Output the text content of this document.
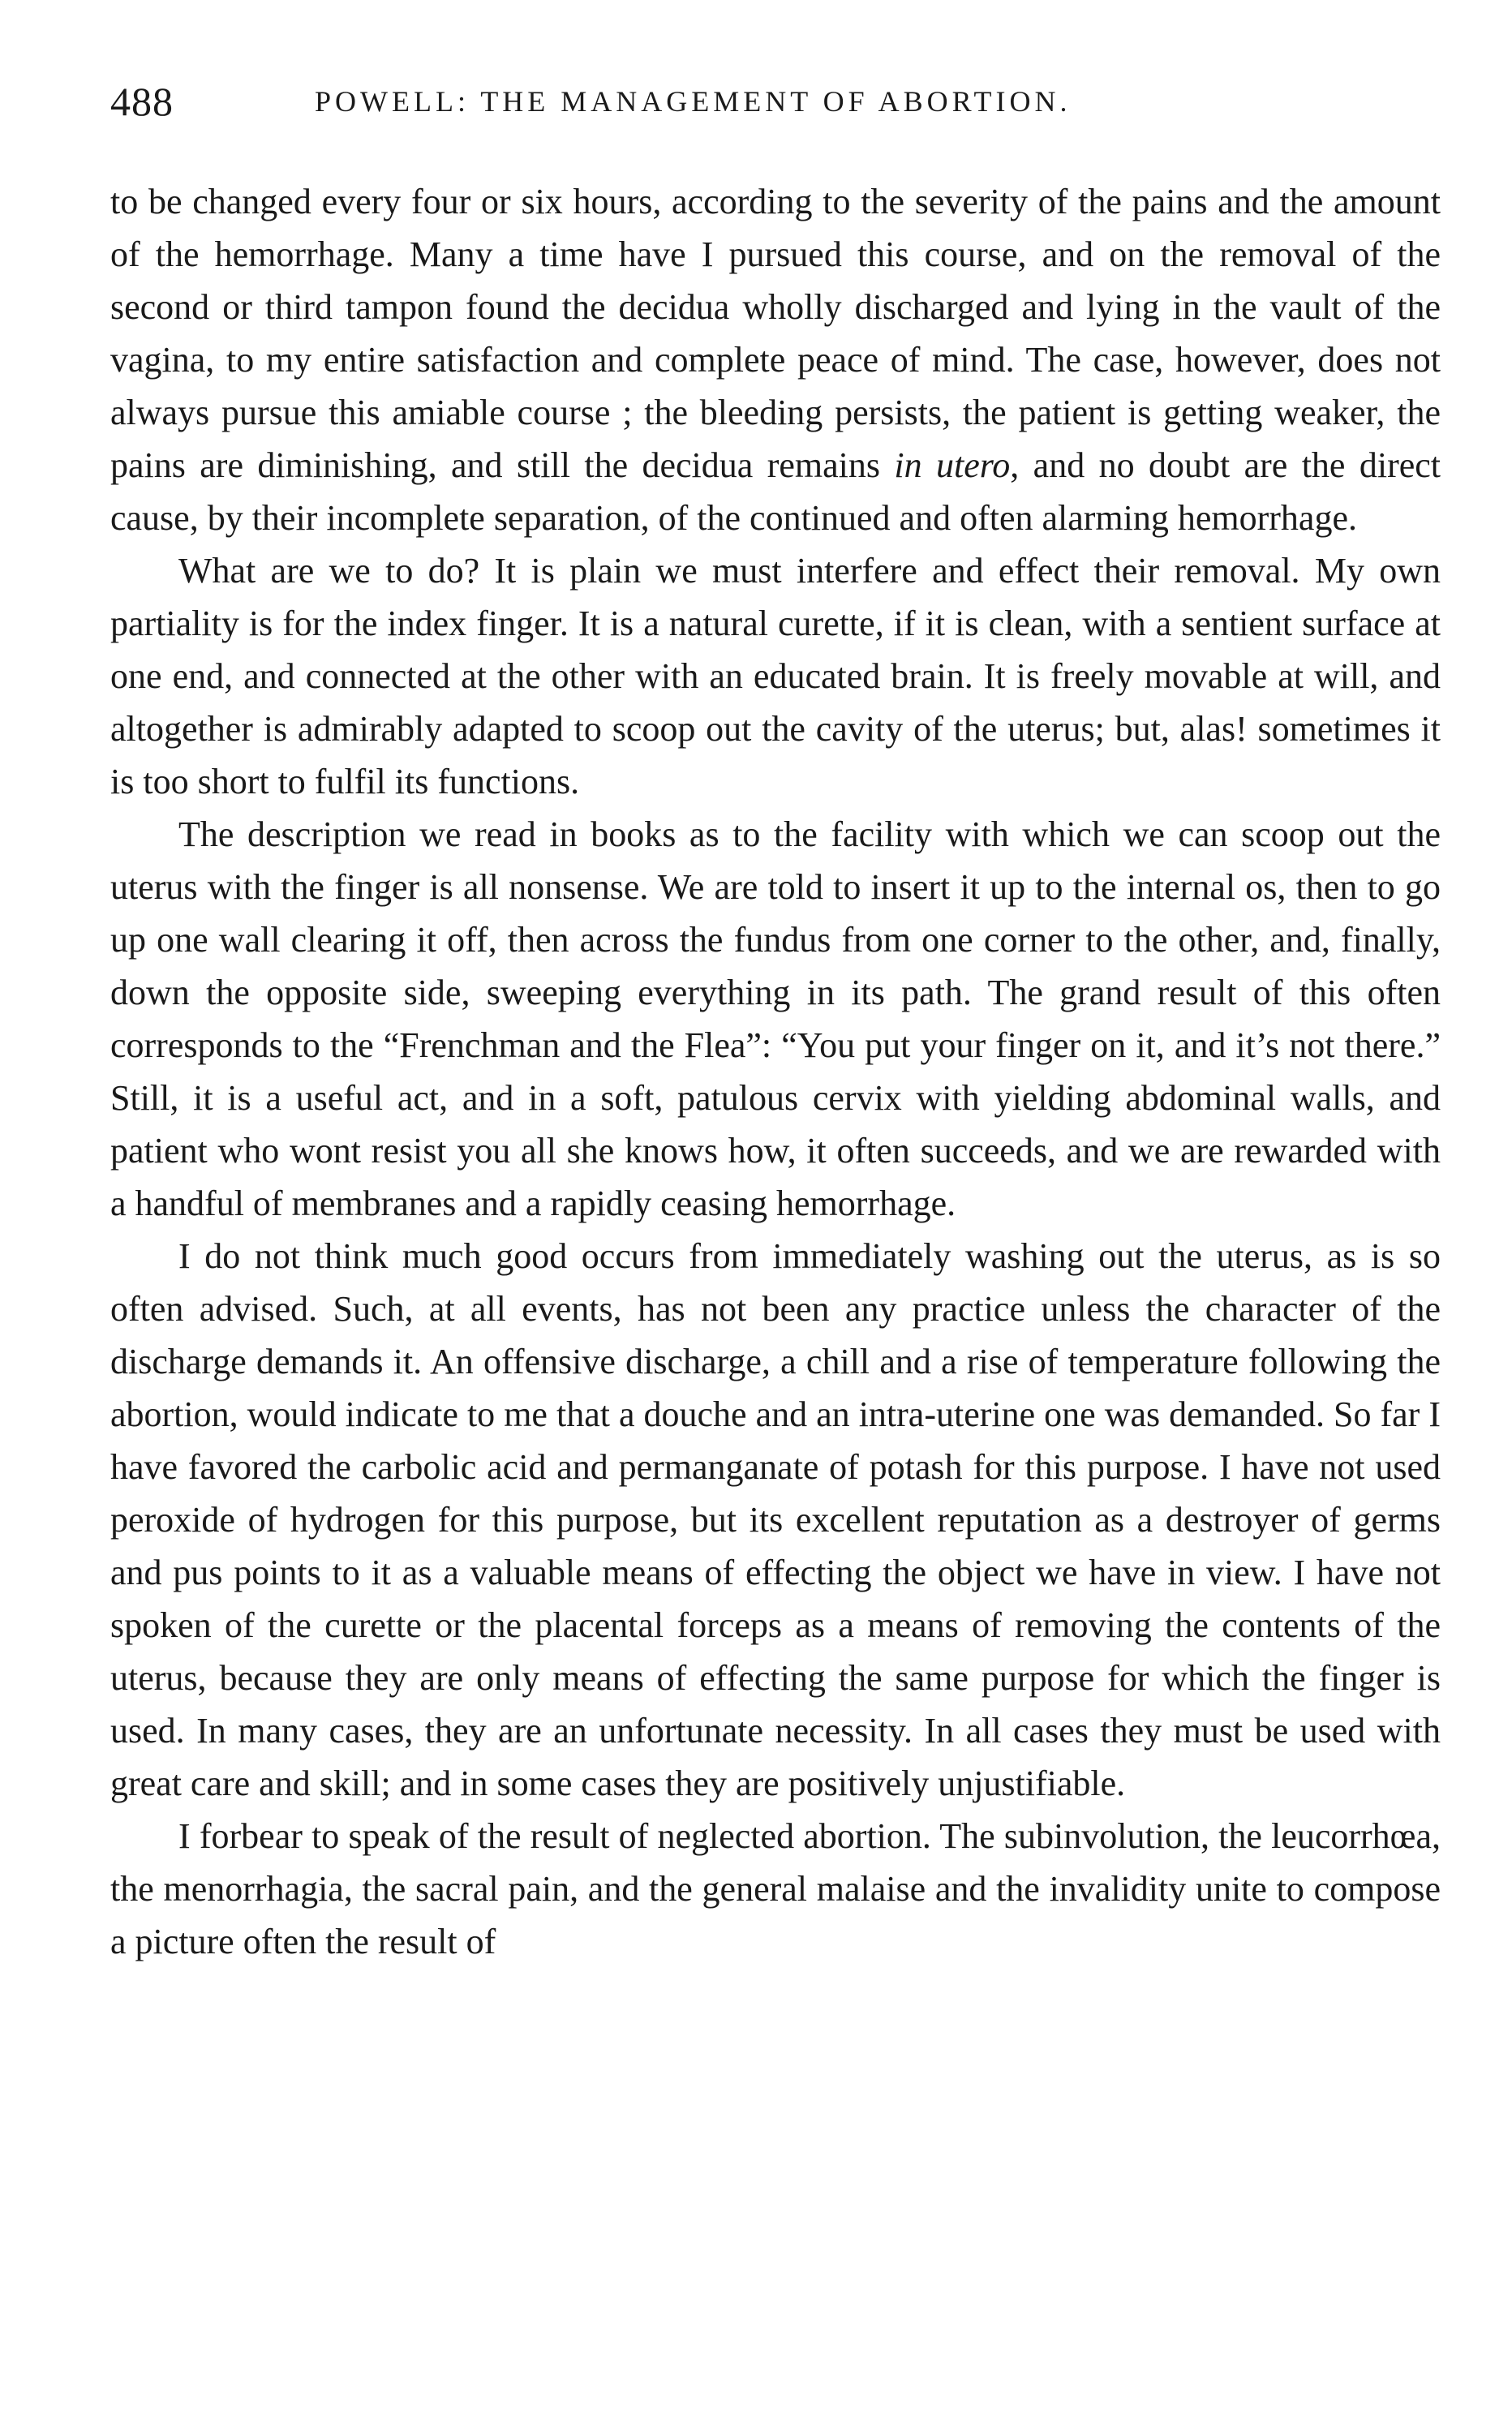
488	POWELL: THE MANAGEMENT OF ABORTION.

to be changed every four or six hours, according to the severity of the pains and the amount of the hemorrhage. Many a time have I pursued this course, and on the removal of the second or third tampon found the decidua wholly discharged and lying in the vault of the vagina, to my entire satisfaction and complete peace of mind. The case, however, does not always pursue this amiable course ; the bleeding persists, the patient is getting weaker, the pains are diminishing, and still the decidua remains in utero, and no doubt are the direct cause, by their incomplete separation, of the continued and often alarming hemorrhage.

What are we to do? It is plain we must interfere and effect their removal. My own partiality is for the index finger. It is a natural curette, if it is clean, with a sentient surface at one end, and connected at the other with an educated brain. It is freely movable at will, and altogether is admirably adapted to scoop out the cavity of the uterus; but, alas! sometimes it is too short to fulfil its functions.

The description we read in books as to the facility with which we can scoop out the uterus with the finger is all nonsense. We are told to insert it up to the internal os, then to go up one wall clearing it off, then across the fundus from one corner to the other, and, finally, down the opposite side, sweeping everything in its path. The grand result of this often corresponds to the “Frenchman and the Flea”: “You put your finger on it, and it’s not there.” Still, it is a useful act, and in a soft, patulous cervix with yielding abdominal walls, and patient who wont resist you all she knows how, it often succeeds, and we are rewarded with a handful of membranes and a rapidly ceasing hemorrhage.

I do not think much good occurs from immediately washing out the uterus, as is so often advised. Such, at all events, has not been any practice unless the character of the discharge demands it. An offensive discharge, a chill and a rise of temperature following the abortion, would indicate to me that a douche and an intra-uterine one was demanded. So far I have favored the carbolic acid and permanganate of potash for this purpose. I have not used peroxide of hydrogen for this purpose, but its excellent reputation as a destroyer of germs and pus points to it as a valuable means of effecting the object we have in view. I have not spoken of the curette or the placental forceps as a means of removing the contents of the uterus, because they are only means of effecting the same purpose for which the finger is used. In many cases, they are an unfortunate necessity. In all cases they must be used with great care and skill; and in some cases they are positively unjustifiable.

I forbear to speak of the result of neglected abortion. The subinvolution, the leucorrhœa, the menorrhagia, the sacral pain, and the general malaise and the invalidity unite to compose a picture often the result of
